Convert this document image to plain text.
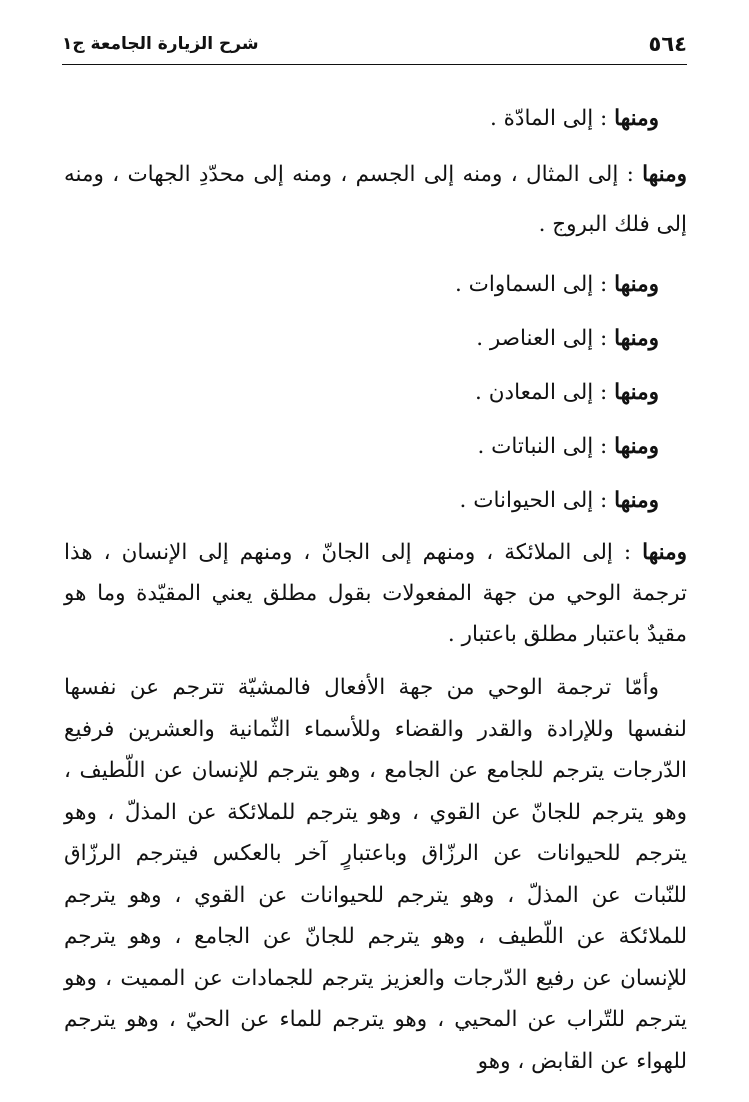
٥٦٤
شرح الزيارة الجامعة ج١

ومنها : إلى المادّة .

ومنها : إلى المثال ، ومنه إلى الجسم ، ومنه إلى محدّدِ الجهات ، ومنه إلى فلك البروج .

ومنها : إلى السماوات .

ومنها : إلى العناصر .

ومنها : إلى المعادن .

ومنها : إلى النباتات .

ومنها : إلى الحيوانات .

ومنها : إلى الملائكة ، ومنهم إلى الجانّ ، ومنهم إلى الإنسان ، هذا ترجمة الوحي من جهة المفعولات بقول مطلق يعني المقيّدة وما هو مقيدٌ باعتبار مطلق باعتبار .

وأمّا ترجمة الوحي من جهة الأفعال فالمشيّة تترجم عن نفسها لنفسها وللإرادة والقدر والقضاء وللأسماء الثّمانية والعشرين فرفيع الدّرجات يترجم للجامع عن الجامع ، وهو يترجم للإنسان عن اللّطيف ، وهو يترجم للجانّ عن القوي ، وهو يترجم للملائكة عن المذلّ ، وهو يترجم للحيوانات عن الرزّاق وباعتبارٍ آخر بالعكس فيترجم الرزّاق للنّبات عن المذلّ ، وهو يترجم للحيوانات عن القوي ، وهو يترجم للملائكة عن اللّطيف ، وهو يترجم للجانّ عن الجامع ، وهو يترجم للإنسان عن رفيع الدّرجات والعزيز يترجم للجمادات عن المميت ، وهو يترجم للتّراب عن المحيي ، وهو يترجم للماء عن الحيّ ، وهو يترجم للهواء عن القابض ، وهو
